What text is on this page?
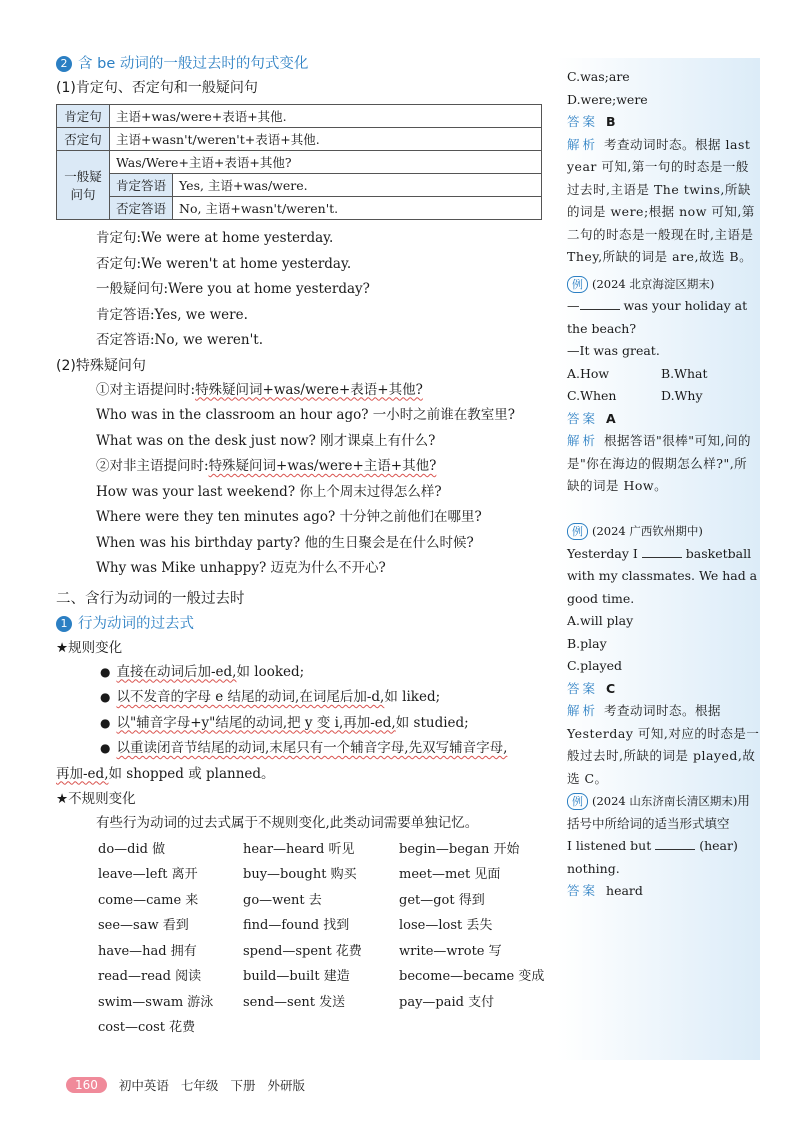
2 含 be 动词的一般过去时的句式变化
(1)肯定句、否定句和一般疑问句
肯定句	主语+was/were+表语+其他.	
否定句	主语+wasn't/weren't+表语+其他.	
一般疑问句	Was/Were+主语+表语+其他?	
	肯定答语	Yes, 主语+was/were.
	否定答语	No, 主语+wasn't/weren't.
肯定句:We were at home yesterday.
否定句:We weren't at home yesterday.
一般疑问句:Were you at home yesterday?
肯定答语:Yes, we were.
否定答语:No, we weren't.
(2)特殊疑问句
①对主语提问时:特殊疑问词+was/were+表语+其他?
Who was in the classroom an hour ago? 一小时之前谁在教室里?
What was on the desk just now? 刚才课桌上有什么?
②对非主语提问时:特殊疑问词+was/were+主语+其他?
How was your last weekend? 你上个周末过得怎么样?
Where were they ten minutes ago? 十分钟之前他们在哪里?
When was his birthday party? 他的生日聚会是在什么时候?
Why was Mike unhappy? 迈克为什么不开心?
二、含行为动词的一般过去时
1 行为动词的过去式
★规则变化
● 直接在动词后加-ed,如 looked;
● 以不发音的字母 e 结尾的动词,在词尾后加-d,如 liked;
● 以"辅音字母+y"结尾的动词,把 y 变 i,再加-ed,如 studied;
● 以重读闭音节结尾的动词,末尾只有一个辅音字母,先双写辅音字母,
再加-ed,如 shopped 或 planned。
★不规则变化
有些行为动词的过去式属于不规则变化,此类动词需要单独记忆。
do—did 做	hear—heard 听见	begin—began 开始
leave—left 离开	buy—bought 购买	meet—met 见面
come—came 来	go—went 去	get—got 得到
see—saw 看到	find—found 找到	lose—lost 丢失
have—had 拥有	spend—spent 花费	write—wrote 写
read—read 阅读	build—built 建造	become—became 变成
swim—swam 游泳	send—sent 发送	pay—paid 支付
cost—cost 花费
C.was;are
D.were;were
答案 B
解析 考查动词时态。根据 last year 可知,第一句的时态是一般过去时,主语是 The twins,所缺的词是 were;根据 now 可知,第二句的时态是一般现在时,主语是 They,所缺的词是 are,故选 B。
例 (2024 北京海淀区期末)
—	was your holiday at the beach?
—It was great.
A.How	B.What
C.When	D.Why
答案 A
解析 根据答语"很棒"可知,问的是"你在海边的假期怎么样?",所缺的词是 How。
例 (2024 广西钦州期中)
Yesterday I	basketball with my classmates. We had a good time.
A.will play
B.play
C.played
答案 C
解析 考查动词时态。根据 Yesterday 可知,对应的时态是一般过去时,所缺的词是 played,故选 C。
例 (2024 山东济南长清区期末)用括号中所给词的适当形式填空
I listened but	(hear) nothing.
答案 heard
160	初中英语 七年级 下册 外研版
